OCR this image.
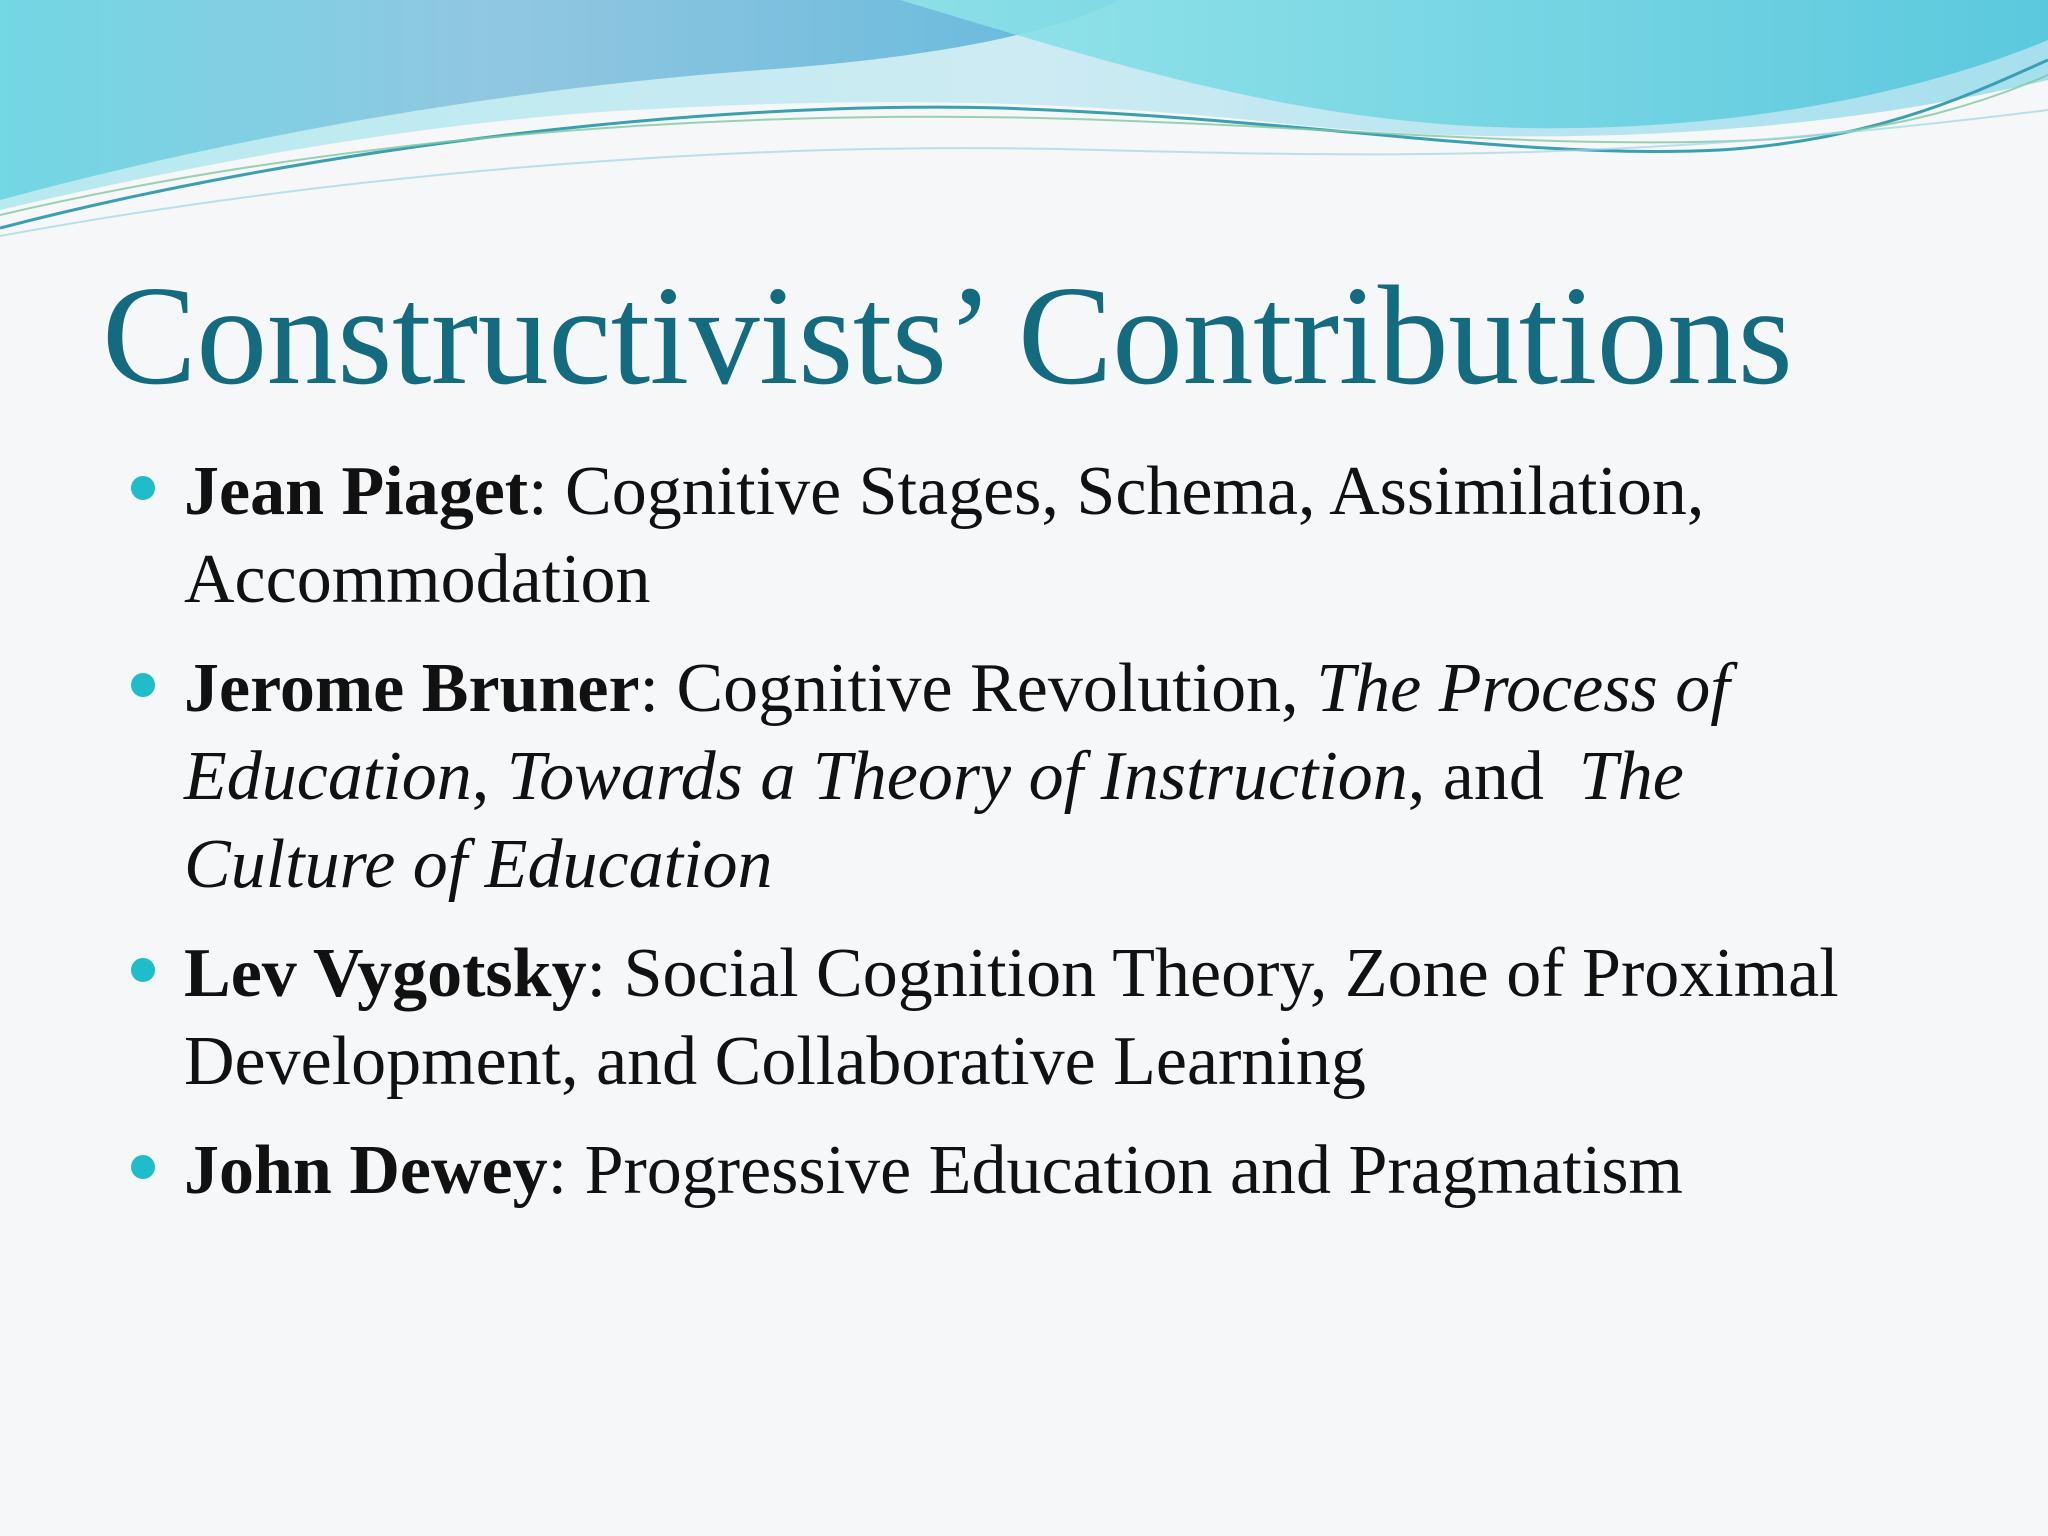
Constructivists’ Contributions
Jean Piaget: Cognitive Stages, Schema, Assimilation, Accommodation
Jerome Bruner: Cognitive Revolution, The Process of Education, Towards a Theory of Instruction, and  The Culture of Education
Lev Vygotsky: Social Cognition Theory, Zone of Proximal Development, and Collaborative Learning
John Dewey: Progressive Education and Pragmatism
